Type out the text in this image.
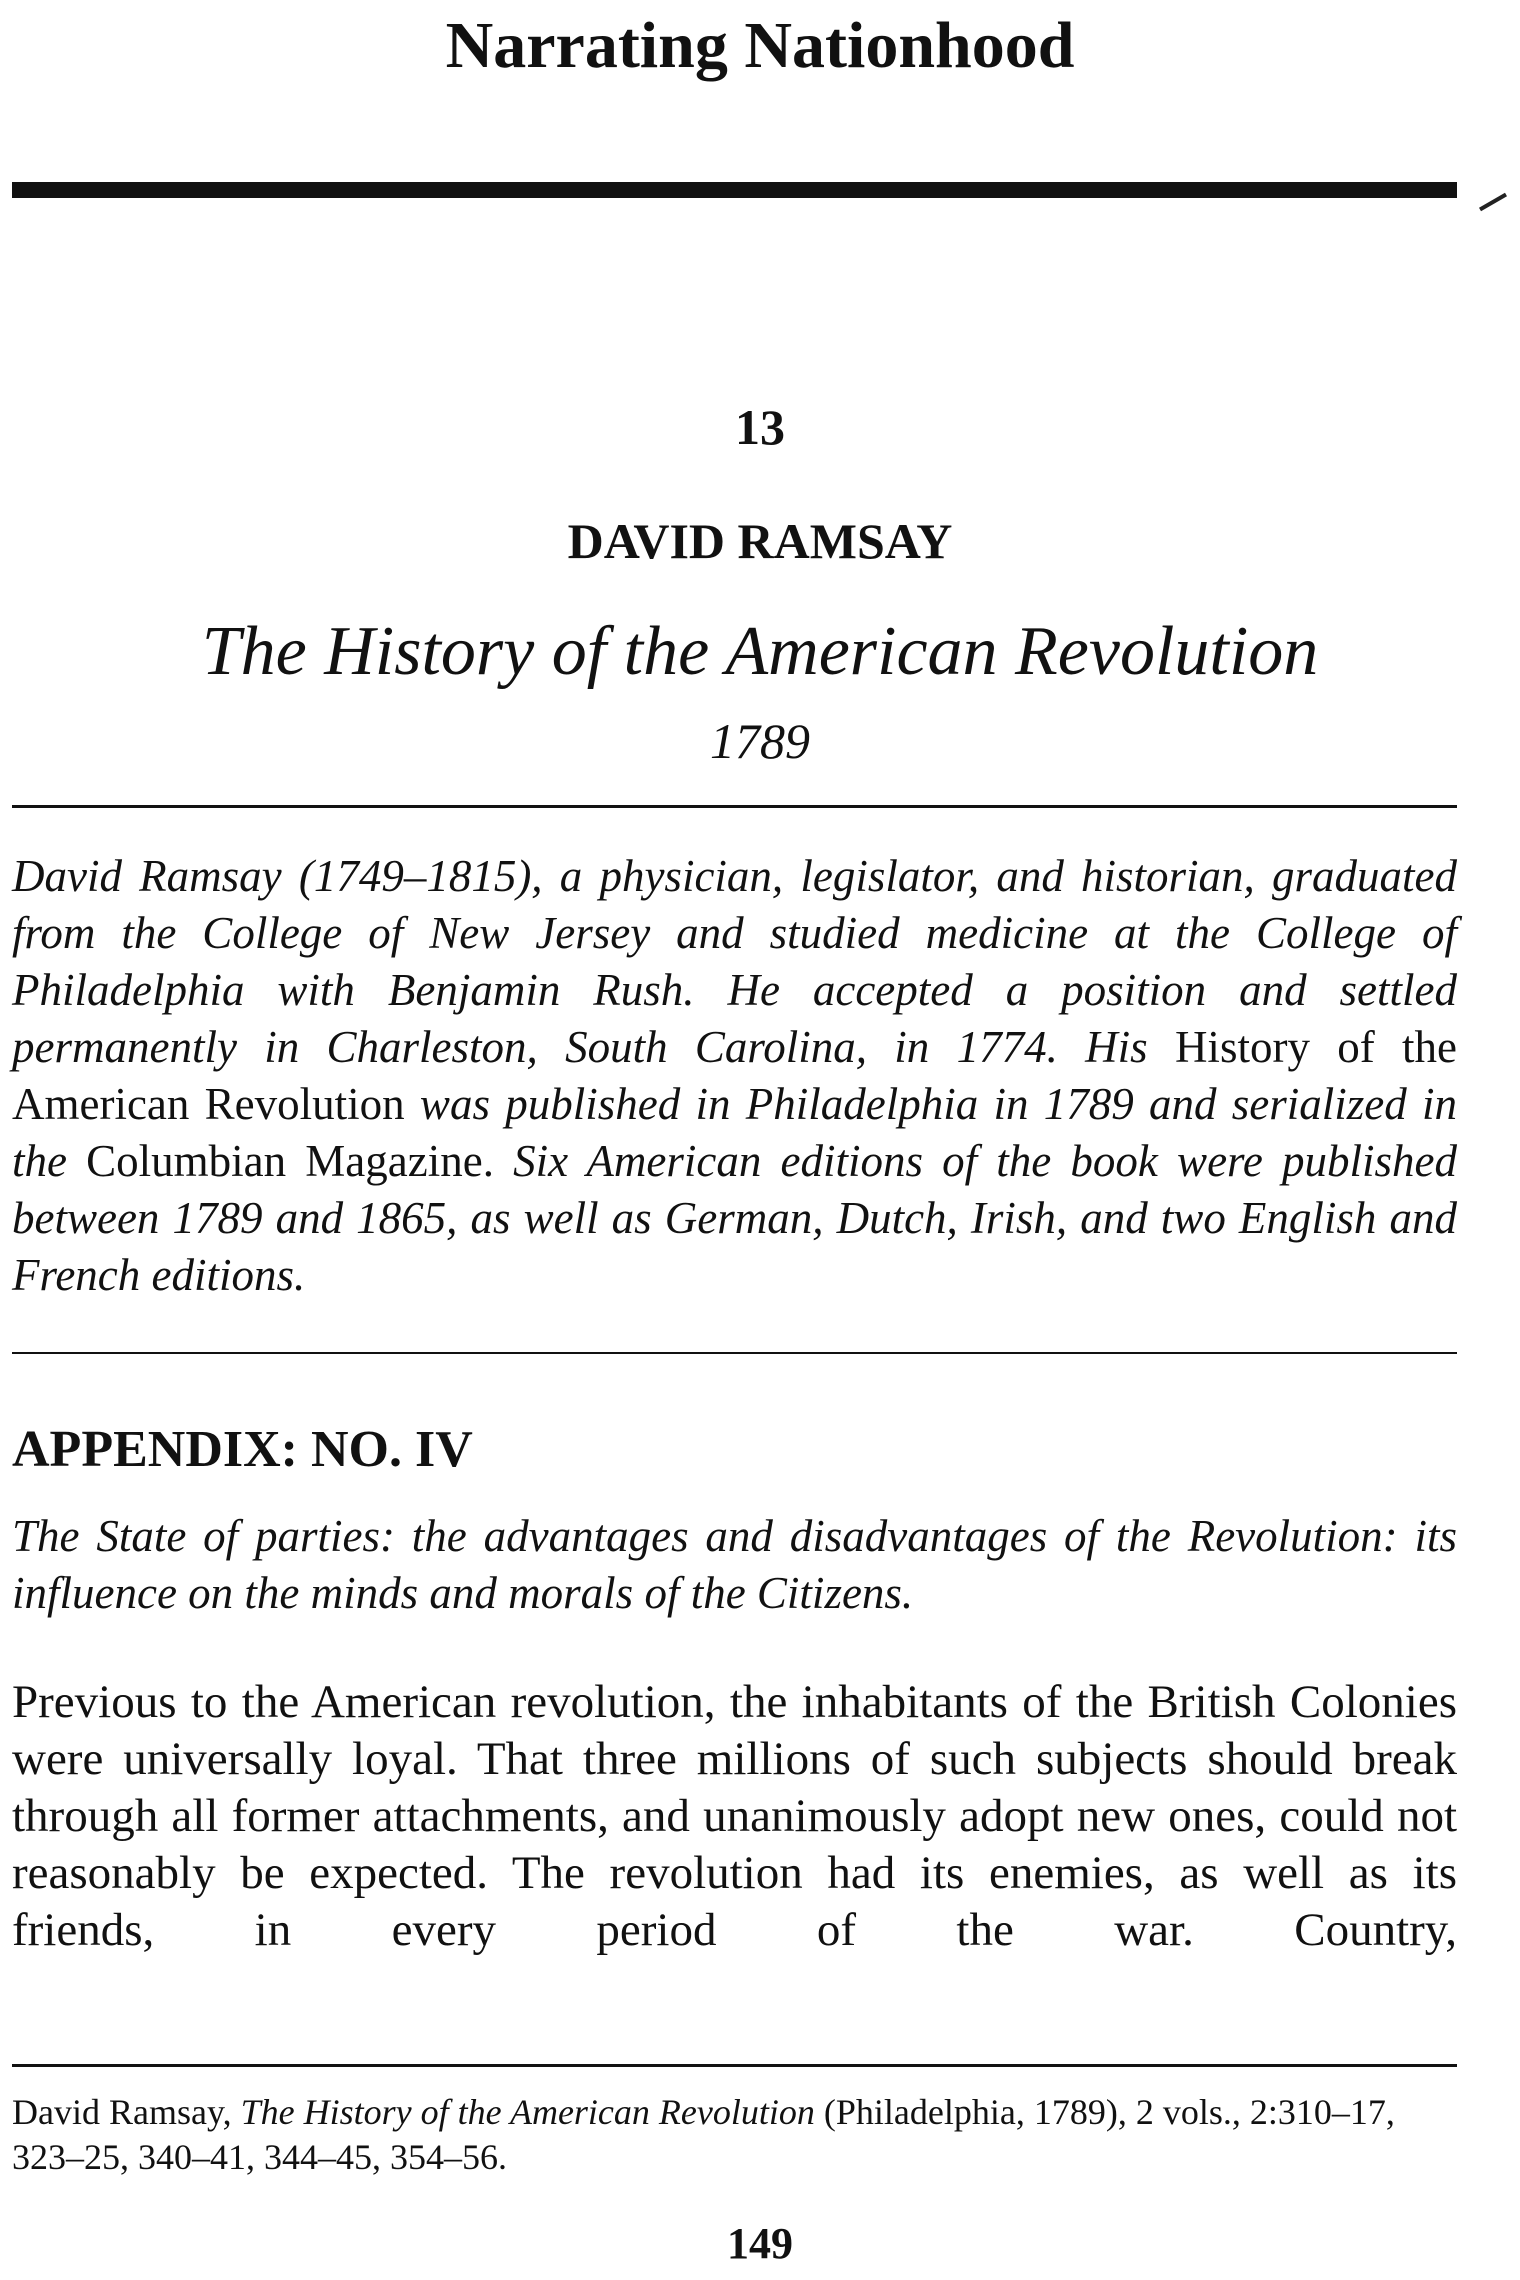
Narrating Nationhood
13
DAVID RAMSAY
The History of the American Revolution
1789
David Ramsay (1749–1815), a physician, legislator, and historian, graduated from the College of New Jersey and studied medicine at the College of Philadelphia with Benjamin Rush. He accepted a position and settled permanently in Charleston, South Carolina, in 1774. His History of the American Revolution was published in Philadelphia in 1789 and serialized in the Columbian Magazine. Six American editions of the book were published between 1789 and 1865, as well as German, Dutch, Irish, and two English and French editions.
APPENDIX: NO. IV
The State of parties: the advantages and disadvantages of the Revolution: its influence on the minds and morals of the Citizens.
Previous to the American revolution, the inhabitants of the British Colonies were universally loyal. That three millions of such subjects should break through all former attachments, and unanimously adopt new ones, could not reasonably be expected. The revolution had its enemies, as well as its friends, in every period of the war. Country,
David Ramsay, The History of the American Revolution (Philadelphia, 1789), 2 vols., 2:310–17, 323–25, 340–41, 344–45, 354–56.
149
